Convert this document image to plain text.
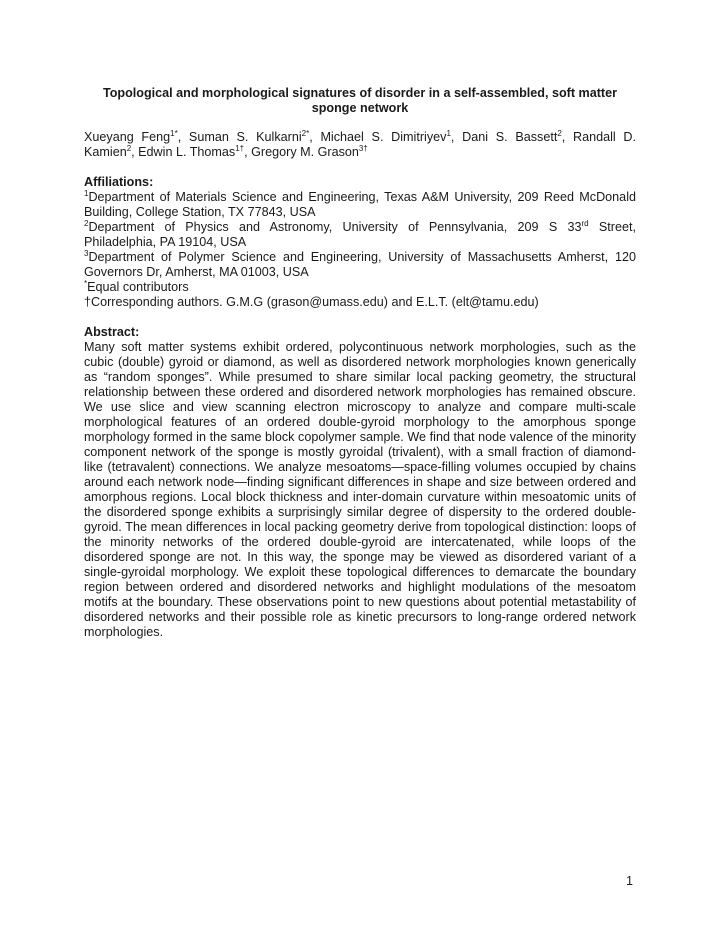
Topological and morphological signatures of disorder in a self-assembled, soft matter sponge network

Xueyang Feng$^{1*}$, Suman S. Kulkarni$^{2*}$, Michael S. Dimitriyev$^1$, Dani S. Bassett$^2$, Randall D. Kamien$^2$, Edwin L. Thomas$^{1\dagger}$, Gregory M. Grason$^{3\dagger}$

Affiliations:

$^1$Department of Materials Science and Engineering, Texas A&M University, 209 Reed McDonald Building, College Station, TX 77843, USA

$^2$Department of Physics and Astronomy, University of Pennsylvania, 209 S 33rd Street, Philadelphia, PA 19104, USA

$^3$Department of Polymer Science and Engineering, University of Massachusetts Amherst, 120 Governors Dr, Amherst, MA 01003, USA

*Equal contributors

†Corresponding authors. G.M.G (grason@umass.edu) and E.L.T. (elt@tamu.edu)

Abstract:

Many soft matter systems exhibit ordered, polycontinuous network morphologies, such as the cubic (double) gyroid or diamond, as well as disordered network morphologies known generically as “random sponges”. While presumed to share similar local packing geometry, the structural relationship between these ordered and disordered network morphologies has remained obscure. We use slice and view scanning electron microscopy to analyze and compare multi-scale morphological features of an ordered double-gyroid morphology to the amorphous sponge morphology formed in the same block copolymer sample. We find that node valence of the minority component network of the sponge is mostly gyroidal (trivalent), with a small fraction of diamond-like (tetravalent) connections. We analyze mesoatoms—space-filling volumes occupied by chains around each network node—finding significant differences in shape and size between ordered and amorphous regions. Local block thickness and inter-domain curvature within mesoatomic units of the disordered sponge exhibits a surprisingly similar degree of dispersity to the ordered double-gyroid. The mean differences in local packing geometry derive from topological distinction: loops of the minority networks of the ordered double-gyroid are intercatenated, while loops of the disordered sponge are not. In this way, the sponge may be viewed as disordered variant of a single-gyroidal morphology. We exploit these topological differences to demarcate the boundary region between ordered and disordered networks and highlight modulations of the mesoatom motifs at the boundary. These observations point to new questions about potential metastability of disordered networks and their possible role as kinetic precursors to long-range ordered network morphologies.

1
